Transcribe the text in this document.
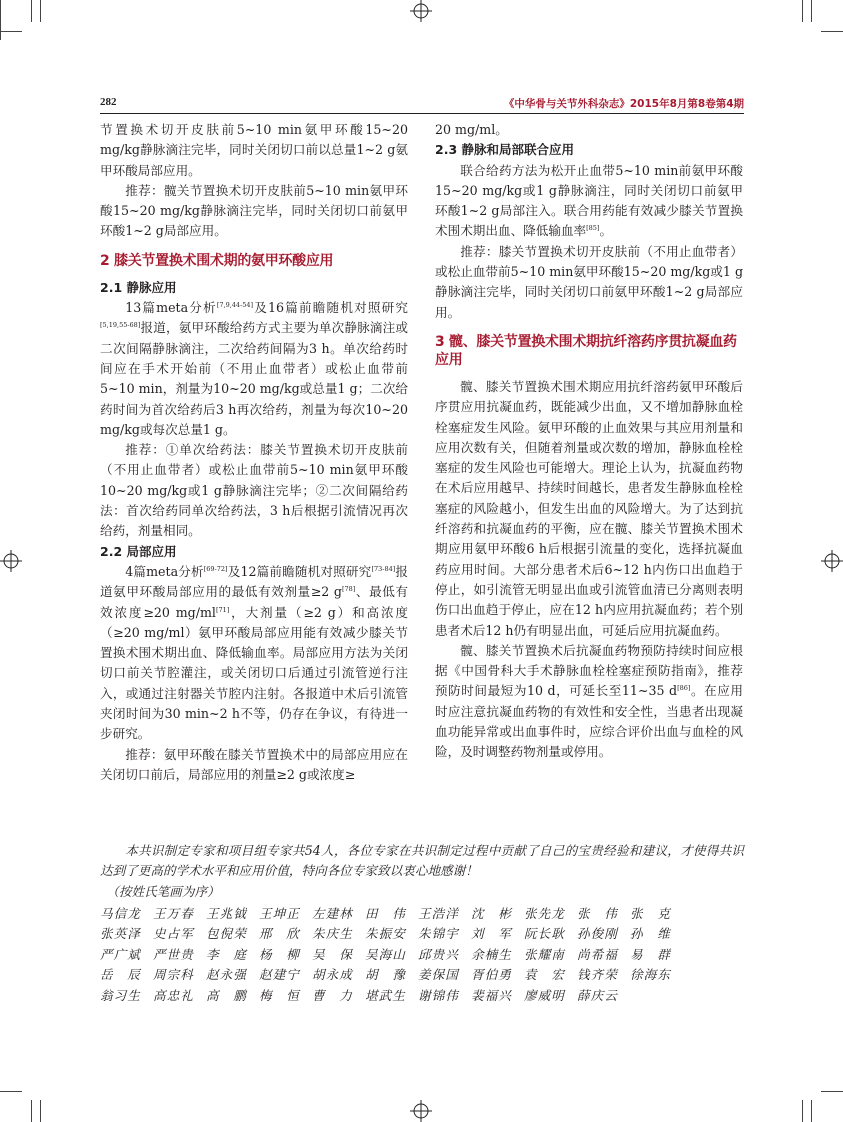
282	《中华骨与关节外科杂志》2015年8月第8卷第4期

节置换术切开皮肤前5~10 min氨甲环酸15~20 mg/kg静脉滴注完毕，同时关闭切口前以总量1~2 g氨甲环酸局部应用。

推荐：髋关节置换术切开皮肤前5~10 min氨甲环酸15~20 mg/kg静脉滴注完毕，同时关闭切口前氨甲环酸1~2 g局部应用。

2 膝关节置换术围术期的氨甲环酸应用
2.1 静脉应用

13篇meta分析[7,9,44-54]及16篇前瞻随机对照研究[5,19,55-68]报道，氨甲环酸给药方式主要为单次静脉滴注或二次间隔静脉滴注，二次给药间隔为3 h。单次给药时间应在手术开始前（不用止血带者）或松止血带前5~10 min，剂量为10~20 mg/kg或总量1 g；二次给药时间为首次给药后3 h再次给药，剂量为每次10~20 mg/kg或每次总量1 g。

推荐：①单次给药法：膝关节置换术切开皮肤前（不用止血带者）或松止血带前5~10 min氨甲环酸10~20 mg/kg或1 g静脉滴注完毕；②二次间隔给药法：首次给药同单次给药法，3 h后根据引流情况再次给药，剂量相同。

2.2 局部应用

4篇meta分析[69-72]及12篇前瞻随机对照研究[73-84]报道氨甲环酸局部应用的最低有效剂量≥2 g[78]、最低有效浓度≥20 mg/ml[71]，大剂量（≥2 g）和高浓度（≥20 mg/ml）氨甲环酸局部应用能有效减少膝关节置换术围术期出血、降低输血率。局部应用方法为关闭切口前关节腔灌注，或关闭切口后通过引流管逆行注入，或通过注射器关节腔内注射。各报道中术后引流管夹闭时间为30 min~2 h不等，仍存在争议，有待进一步研究。

推荐：氨甲环酸在膝关节置换术中的局部应用应在关闭切口前后，局部应用的剂量≥2 g或浓度≥

20 mg/ml。

2.3 静脉和局部联合应用

联合给药方法为松开止血带5~10 min前氨甲环酸15~20 mg/kg或1 g静脉滴注，同时关闭切口前氨甲环酸1~2 g局部注入。联合用药能有效减少膝关节置换术围术期出血、降低输血率[85]。

推荐：膝关节置换术切开皮肤前（不用止血带者）或松止血带前5~10 min氨甲环酸15~20 mg/kg或1 g静脉滴注完毕，同时关闭切口前氨甲环酸1~2 g局部应用。

3 髋、膝关节置换术围术期抗纤溶药序贯抗凝血药应用

髋、膝关节置换术围术期应用抗纤溶药氨甲环酸后序贯应用抗凝血药，既能减少出血，又不增加静脉血栓栓塞症发生风险。氨甲环酸的止血效果与其应用剂量和应用次数有关，但随着剂量或次数的增加，静脉血栓栓塞症的发生风险也可能增大。理论上认为，抗凝血药物在术后应用越早、持续时间越长，患者发生静脉血栓栓塞症的风险越小，但发生出血的风险增大。为了达到抗纤溶药和抗凝血药的平衡，应在髋、膝关节置换术围术期应用氨甲环酸6 h后根据引流量的变化，选择抗凝血药应用时间。大部分患者术后6~12 h内伤口出血趋于停止，如引流管无明显出血或引流管血清已分离则表明伤口出血趋于停止，应在12 h内应用抗凝血药；若个别患者术后12 h仍有明显出血，可延后应用抗凝血药。

髋、膝关节置换术后抗凝血药物预防持续时间应根据《中国骨科大手术静脉血栓栓塞症预防指南》，推荐预防时间最短为10 d，可延长至11~35 d[86]。在应用时应注意抗凝血药物的有效性和安全性，当患者出现凝血功能异常或出血事件时，应综合评价出血与血栓的风险，及时调整药物剂量或停用。

本共识制定专家和项目组专家共54人，各位专家在共识制定过程中贡献了自己的宝贵经验和建议，才使得共识达到了更高的学术水平和应用价值，特向各位专家致以衷心地感谢！

（按姓氏笔画为序）

马信龙 王万春 王兆钺 王坤正 左建林 田　伟 王浩洋 沈　彬 张先龙 张　伟 张　克
张英泽 史占军 包倪荣 邢　欣 朱庆生 朱振安 朱锦宇 刘　军 阮长耿 孙俊刚 孙　维
严广斌 严世贵 李　庭 杨　柳 吴　保 吴海山 邱贵兴 余楠生 张耀南 尚希福 易　群
岳　辰 周宗科 赵永强 赵建宁 胡永成 胡　豫 姜保国 胥伯勇 袁　宏 钱齐荣 徐海东
翁习生 高忠礼 高　鹏 梅　恒 曹　力 堪武生 谢锦伟 裴福兴 廖威明 薛庆云
